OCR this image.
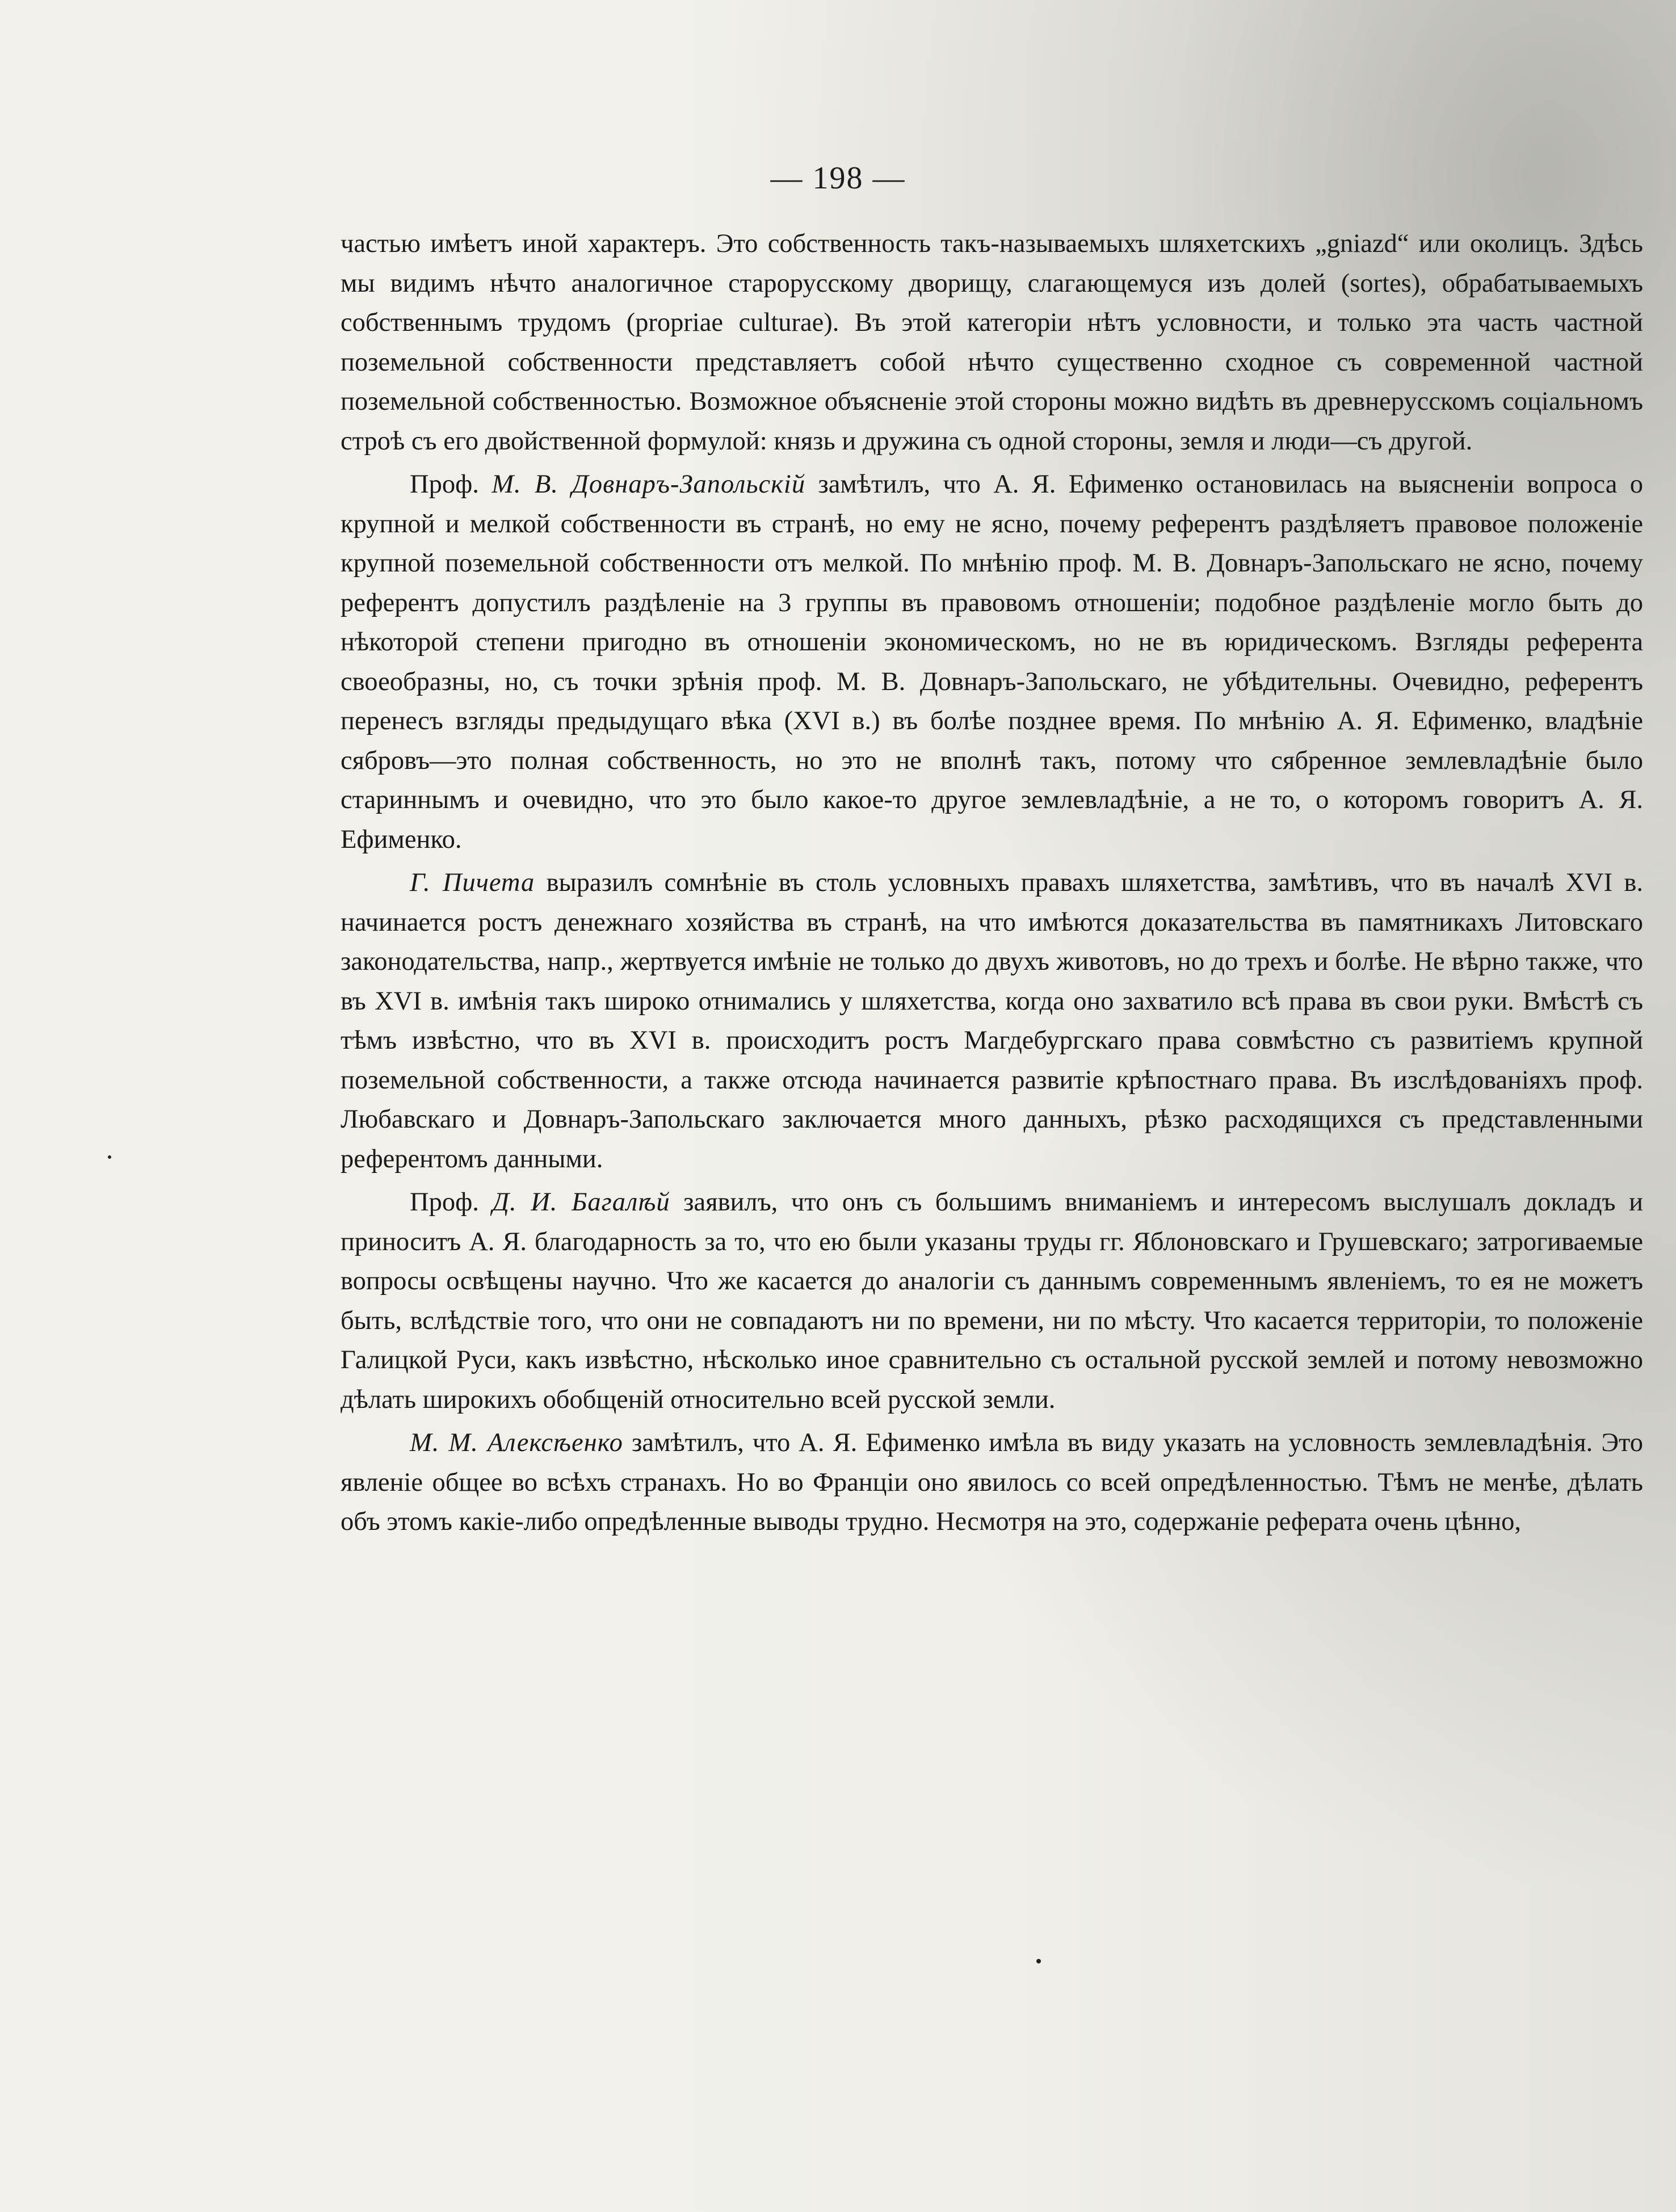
— 198 —

частью имѣетъ иной характеръ. Это собственность такъ-называемыхъ шляхетскихъ „gniazd“ или околицъ. Здѣсь мы видимъ нѣчто аналогичное старорусскому дворищу, слагающемуся изъ долей (sortes), обрабатываемыхъ собственнымъ трудомъ (propriae culturae). Въ этой категоріи нѣтъ условности, и только эта часть частной поземельной собственности представляетъ собой нѣчто существенно сходное съ современной частной поземельной собственностью. Возможное объясненіе этой стороны можно видѣть въ древнерусскомъ соціальномъ строѣ съ его двойственной формулой: князь и дружина съ одной стороны, земля и люди—съ другой.

Проф. М. В. Довнаръ-Запольскій замѣтилъ, что А. Я. Ефименко остановилась на выясненіи вопроса о крупной и мелкой собственности въ странѣ, но ему не ясно, почему референтъ раздѣляетъ правовое положеніе крупной поземельной собственности отъ мелкой. По мнѣнію проф. М. В. Довнаръ-Запольскаго не ясно, почему референтъ допустилъ раздѣленіе на 3 группы въ правовомъ отношеніи; подобное раздѣленіе могло быть до нѣкоторой степени пригодно въ отношеніи экономическомъ, но не въ юридическомъ. Взгляды референта своеобразны, но, съ точки зрѣнія проф. М. В. Довнаръ-Запольскаго, не убѣдительны. Очевидно, референтъ перенесъ взгляды предыдущаго вѣка (XVI в.) въ болѣе позднее время. По мнѣнію А. Я. Ефименко, владѣніе сябровъ—это полная собственность, но это не вполнѣ такъ, потому что сябренное землевладѣніе было стариннымъ и очевидно, что это было какое-то другое землевладѣніе, а не то, о которомъ говоритъ А. Я. Ефименко.

Г. Пичета выразилъ сомнѣніе въ столь условныхъ правахъ шляхетства, замѣтивъ, что въ началѣ XVI в. начинается ростъ денежнаго хозяйства въ странѣ, на что имѣются доказательства въ памятникахъ Литовскаго законодательства, напр., жертвуется имѣніе не только до двухъ животовъ, но до трехъ и болѣе. Не вѣрно также, что въ XVI в. имѣнія такъ широко отнимались у шляхетства, когда оно захватило всѣ права въ свои руки. Вмѣстѣ съ тѣмъ извѣстно, что въ XVI в. происходитъ ростъ Магдебургскаго права совмѣстно съ развитіемъ крупной поземельной собственности, а также отсюда начинается развитіе крѣпостнаго права. Въ изслѣдованіяхъ проф. Любавскаго и Довнаръ-Запольскаго заключается много данныхъ, рѣзко расходящихся съ представленными референтомъ данными.

Проф. Д. И. Багалѣй заявилъ, что онъ съ большимъ вниманіемъ и интересомъ выслушалъ докладъ и приноситъ А. Я. благодарность за то, что ею были указаны труды гг. Яблоновскаго и Грушевскаго; затрогиваемые вопросы освѣщены научно. Что же касается до аналогіи съ даннымъ современнымъ явленіемъ, то ея не можетъ быть, вслѣдствіе того, что они не совпадаютъ ни по времени, ни по мѣсту. Что касается территоріи, то положеніе Галицкой Руси, какъ извѣстно, нѣсколько иное сравнительно съ остальной русской землей и потому невозможно дѣлать широкихъ обобщеній относительно всей русской земли.

М. М. Алексѣенко замѣтилъ, что А. Я. Ефименко имѣла въ виду указать на условность землевладѣнія. Это явленіе общее во всѣхъ странахъ. Но во Франціи оно явилось со всей опредѣленностью. Тѣмъ не менѣе, дѣлать объ этомъ какіе-либо опредѣленные выводы трудно. Несмотря на это, содержаніе реферата очень цѣнно,
